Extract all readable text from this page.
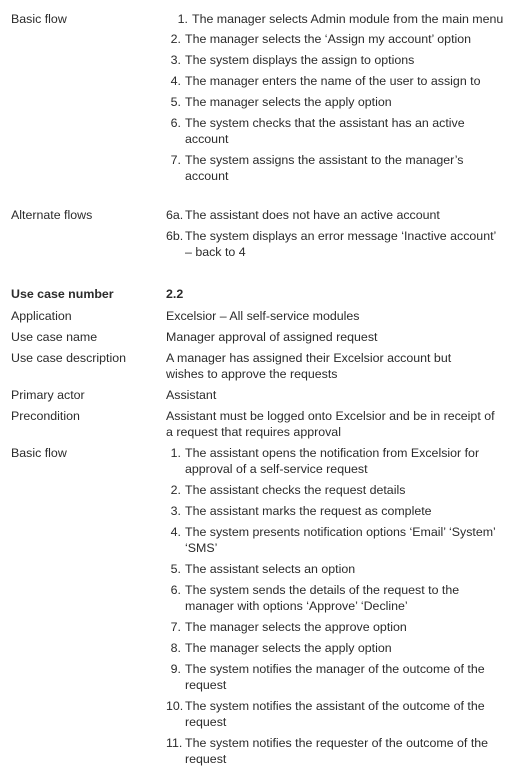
Basic flow	1. The manager selects Admin module from the main menu
2. The manager selects the ‘Assign my account’ option
3. The system displays the assign to options
4. The manager enters the name of the user to assign to
5. The manager selects the apply option
6. The system checks that the assistant has an active account
7. The system assigns the assistant to the manager’s account
Alternate flows	6a. The assistant does not have an active account
6b. The system displays an error message ‘Inactive account’ – back to 4
Use case number	2.2
Application	Excelsior – All self-service modules
Use case name	Manager approval of assigned request
Use case description	A manager has assigned their Excelsior account but wishes to approve the requests
Primary actor	Assistant
Precondition	Assistant must be logged onto Excelsior and be in receipt of a request that requires approval
Basic flow	1. The assistant opens the notification from Excelsior for approval of a self-service request
2. The assistant checks the request details
3. The assistant marks the request as complete
4. The system presents notification options ‘Email’ ‘System’ ‘SMS’
5. The assistant selects an option
6. The system sends the details of the request to the manager with options ‘Approve’ ‘Decline’
7. The manager selects the approve option
8. The manager selects the apply option
9. The system notifies the manager of the outcome of the request
10. The system notifies the assistant of the outcome of the request
11. The system notifies the requester of the outcome of the request
